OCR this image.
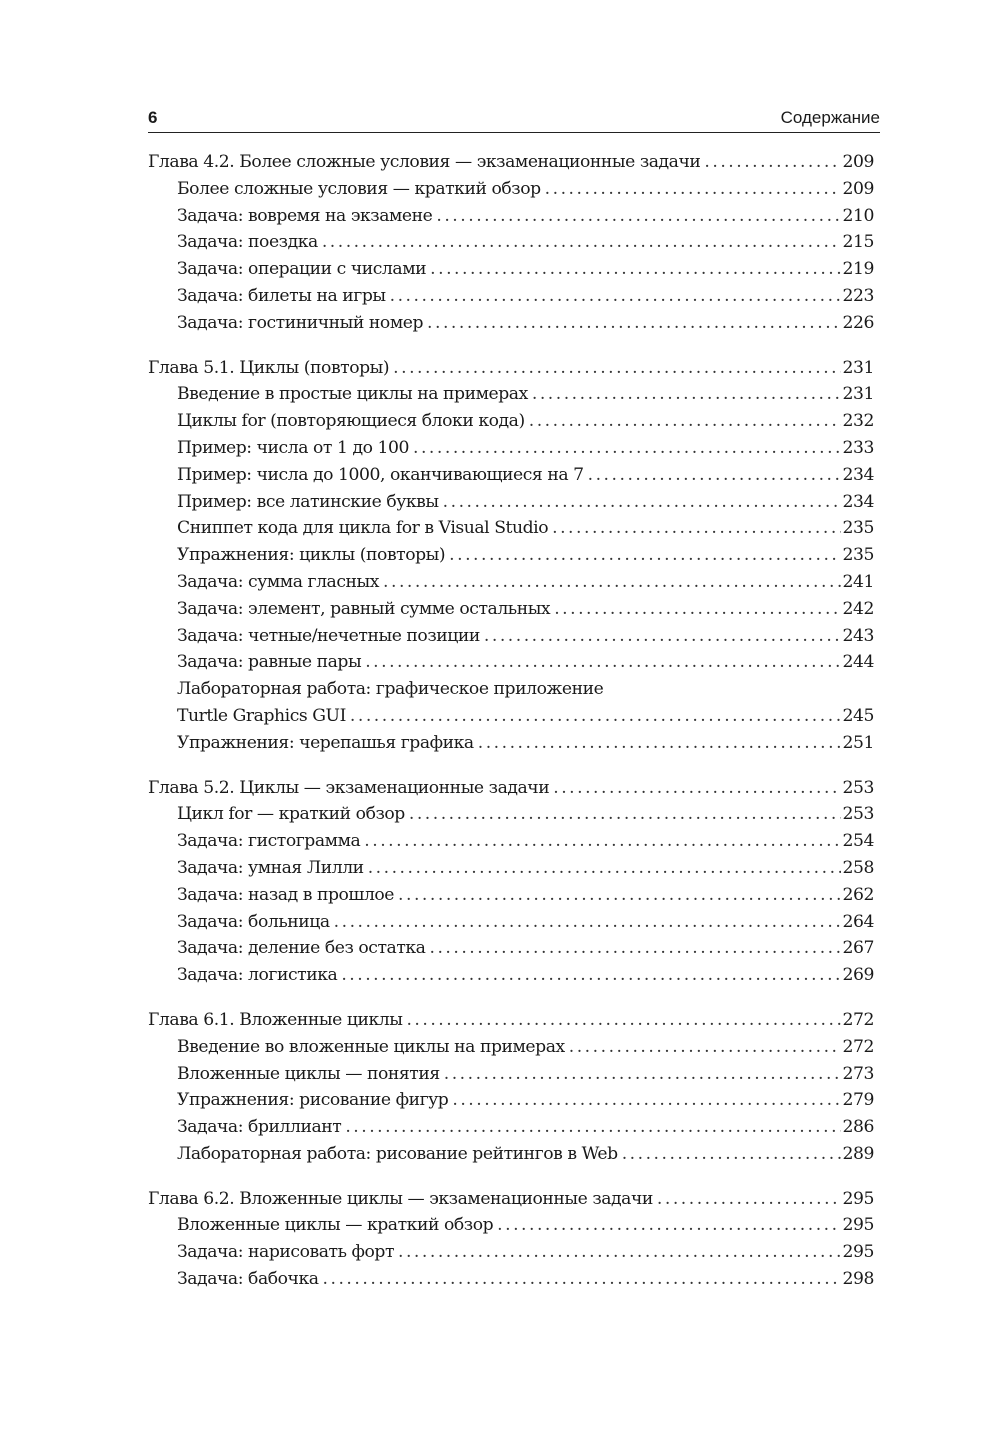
6	Содержание
Глава 4.2. Более сложные условия — экзаменационные задачи .....	209
Более сложные условия — краткий обзор .....	209
Задача: вовремя на экзамене .....	210
Задача: поездка .....	215
Задача: операции с числами .....	219
Задача: билеты на игры .....	223
Задача: гостиничный номер .....	226
Глава 5.1. Циклы (повторы) .....	231
Введение в простые циклы на примерах .....	231
Циклы for (повторяющиеся блоки кода) .....	232
Пример: числа от 1 до 100 .....	233
Пример: числа до 1000, оканчивающиеся на 7 .....	234
Пример: все латинские буквы .....	234
Сниппет кода для цикла for в Visual Studio .....	235
Упражнения: циклы (повторы) .....	235
Задача: сумма гласных .....	241
Задача: элемент, равный сумме остальных .....	242
Задача: четные/нечетные позиции .....	243
Задача: равные пары .....	244
Лабораторная работа: графическое приложение
Turtle Graphics GUI .....	245
Упражнения: черепашья графика .....	251
Глава 5.2. Циклы — экзаменационные задачи .....	253
Цикл for — краткий обзор .....	253
Задача: гистограмма .....	254
Задача: умная Лилли .....	258
Задача: назад в прошлое .....	262
Задача: больница .....	264
Задача: деление без остатка .....	267
Задача: логистика .....	269
Глава 6.1. Вложенные циклы .....	272
Введение во вложенные циклы на примерах .....	272
Вложенные циклы — понятия .....	273
Упражнения: рисование фигур .....	279
Задача: бриллиант .....	286
Лабораторная работа: рисование рейтингов в Web .....	289
Глава 6.2. Вложенные циклы — экзаменационные задачи .....	295
Вложенные циклы — краткий обзор .....	295
Задача: нарисовать форт .....	295
Задача: бабочка .....	298
